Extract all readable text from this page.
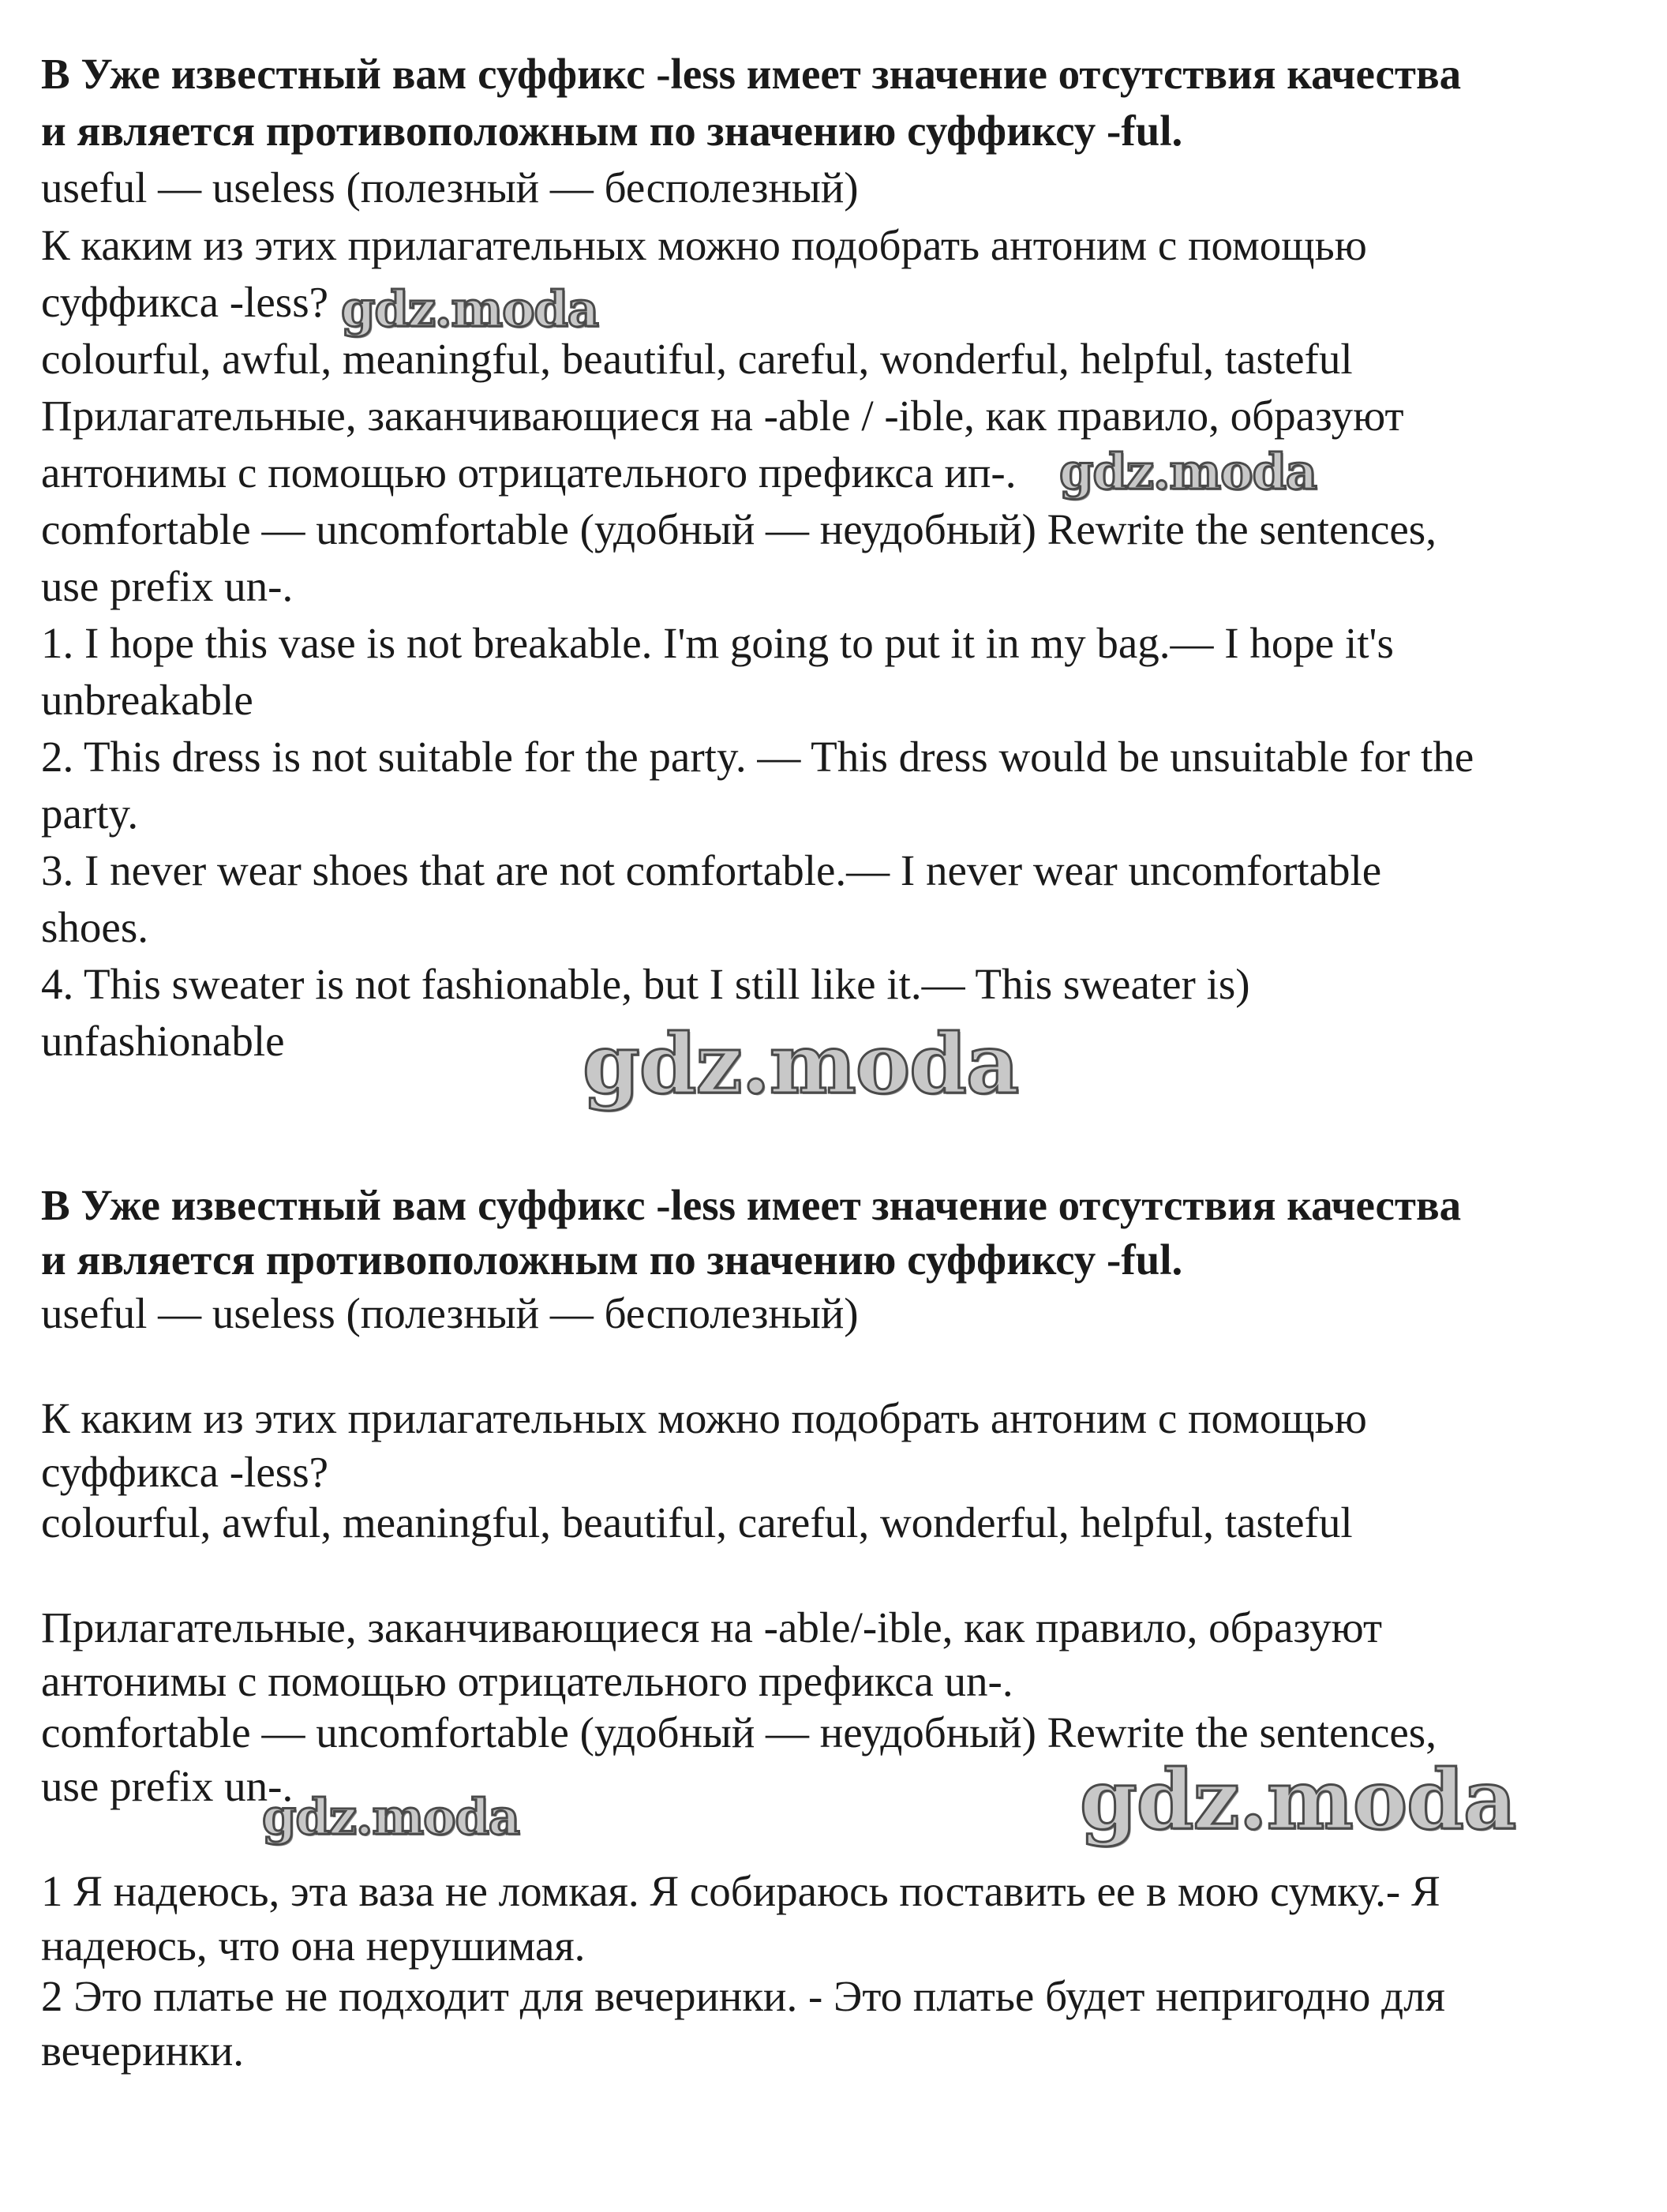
В Уже известный вам суффикс -less имеет значение отсутствия качества

и является противоположным по значению суффиксу -ful.

useful — useless (полезный — бесполезный)

К каким из этих прилагательных можно подобрать антоним с помощью

суффикса -less?

colourful, awful, meaningful, beautiful, careful, wonderful, helpful, tasteful

Прилагательные, заканчивающиеся на -able / -ible, как правило, образуют

антонимы с помощью отрицательного префикса ип-.

comfortable — uncomfortable (удобный — неудобный) Rewrite the sentences,

use prefix un-.

1. I hope this vase is not breakable. I'm going to put it in my bag.— I hope it's

unbreakable

2. This dress is not suitable for the party. — This dress would be unsuitable for the

party.

3. I never wear shoes that are not comfortable.— I never wear uncomfortable

shoes.

4. This sweater is not fashionable, but I still like it.— This sweater is)

unfashionable

В Уже известный вам суффикс -less имеет значение отсутствия качества

и является противоположным по значению суффиксу -ful.

useful — useless (полезный — бесполезный)

К каким из этих прилагательных можно подобрать антоним с помощью

суффикса -less?

colourful, awful, meaningful, beautiful, careful, wonderful, helpful, tasteful

Прилагательные, заканчивающиеся на -able/-ible, как правило, образуют

антонимы с помощью отрицательного префикса un-.

comfortable — uncomfortable (удобный — неудобный) Rewrite the sentences,

use prefix un-.

1 Я надеюсь, эта ваза не ломкая. Я собираюсь поставить ее в мою сумку.- Я

надеюсь, что она нерушимая.

2 Это платье не подходит для вечеринки. - Это платье будет непригодно для

вечеринки.

gdz.moda

gdz.moda

gdz.moda

gdz.moda

gdz.moda
